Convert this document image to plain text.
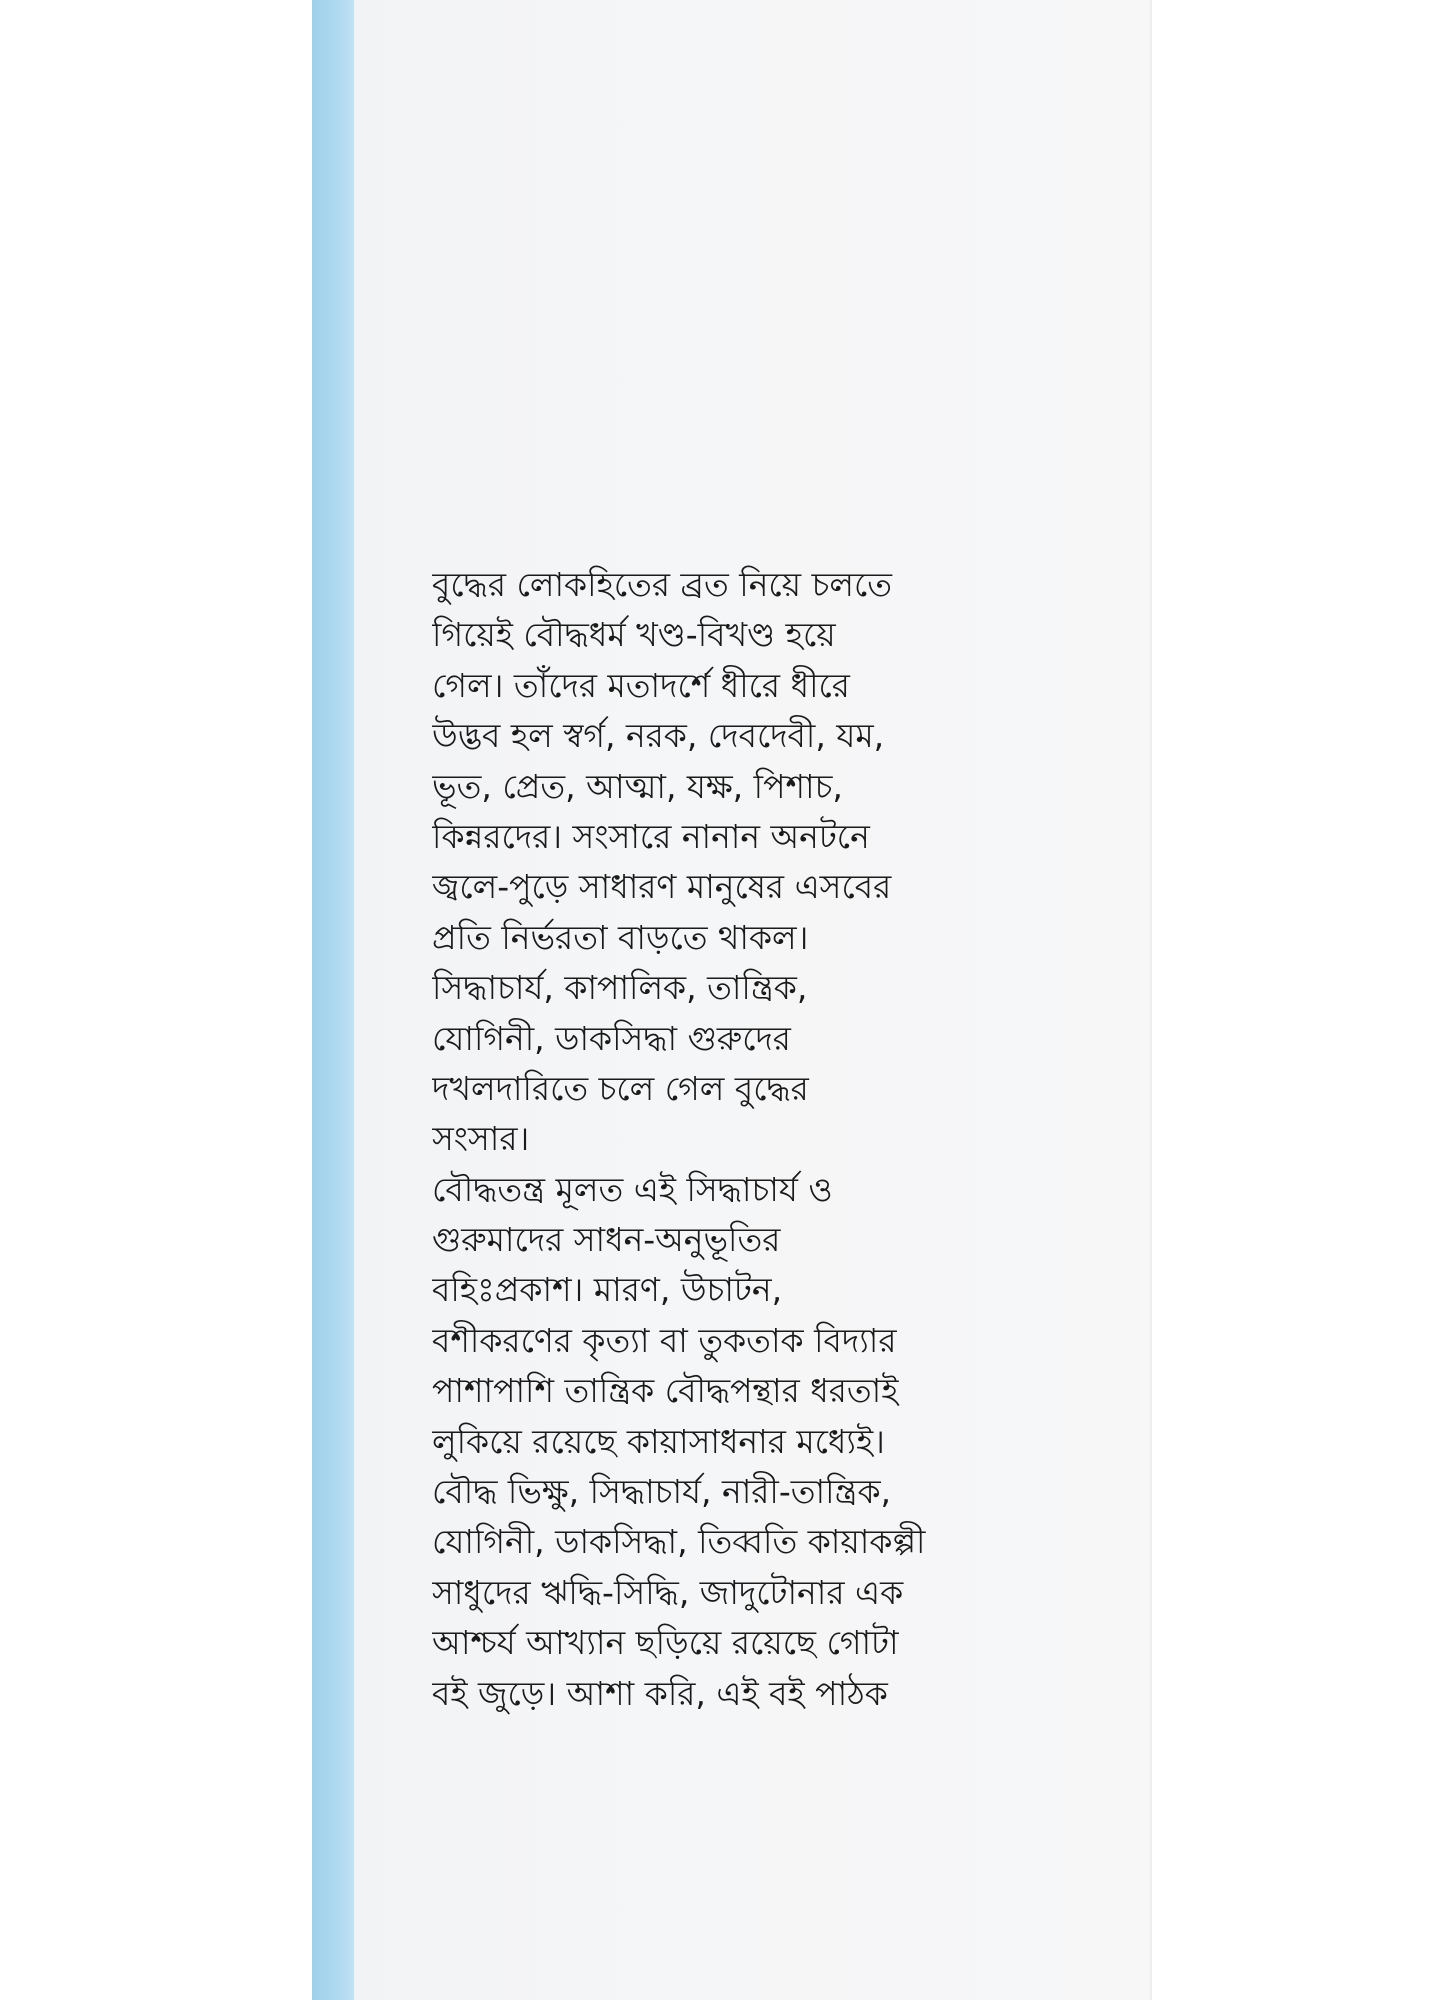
বুদ্ধের লোকহিতের ব্রত নিয়ে চলতে
গিয়েই বৌদ্ধধর্ম খণ্ড-বিখণ্ড হয়ে
গেল। তাঁদের মতাদর্শে ধীরে ধীরে
উদ্ভব হল স্বর্গ, নরক, দেবদেবী, যম,
ভূত, প্রেত, আত্মা, যক্ষ, পিশাচ,
কিন্নরদের। সংসারে নানান অনটনে
জ্বলে-পুড়ে সাধারণ মানুষের এসবের
প্রতি নির্ভরতা বাড়তে থাকল।
সিদ্ধাচার্য, কাপালিক, তান্ত্রিক,
যোগিনী, ডাকসিদ্ধা গুরুদের
দখলদারিতে চলে গেল বুদ্ধের
সংসার।
বৌদ্ধতন্ত্র মূলত এই সিদ্ধাচার্য ও
গুরুমাদের সাধন-অনুভূতির
বহিঃপ্রকাশ। মারণ, উচাটন,
বশীকরণের কৃত্যা বা তুকতাক বিদ্যার
পাশাপাশি তান্ত্রিক বৌদ্ধপন্থার ধরতাই
লুকিয়ে রয়েছে কায়াসাধনার মধ্যেই।
বৌদ্ধ ভিক্ষু, সিদ্ধাচার্য, নারী-তান্ত্রিক,
যোগিনী, ডাকসিদ্ধা, তিব্বতি কায়াকল্পী
সাধুদের ঋদ্ধি-সিদ্ধি, জাদুটোনার এক
আশ্চর্য আখ্যান ছড়িয়ে রয়েছে গোটা
বই জুড়ে। আশা করি, এই বই পাঠক
